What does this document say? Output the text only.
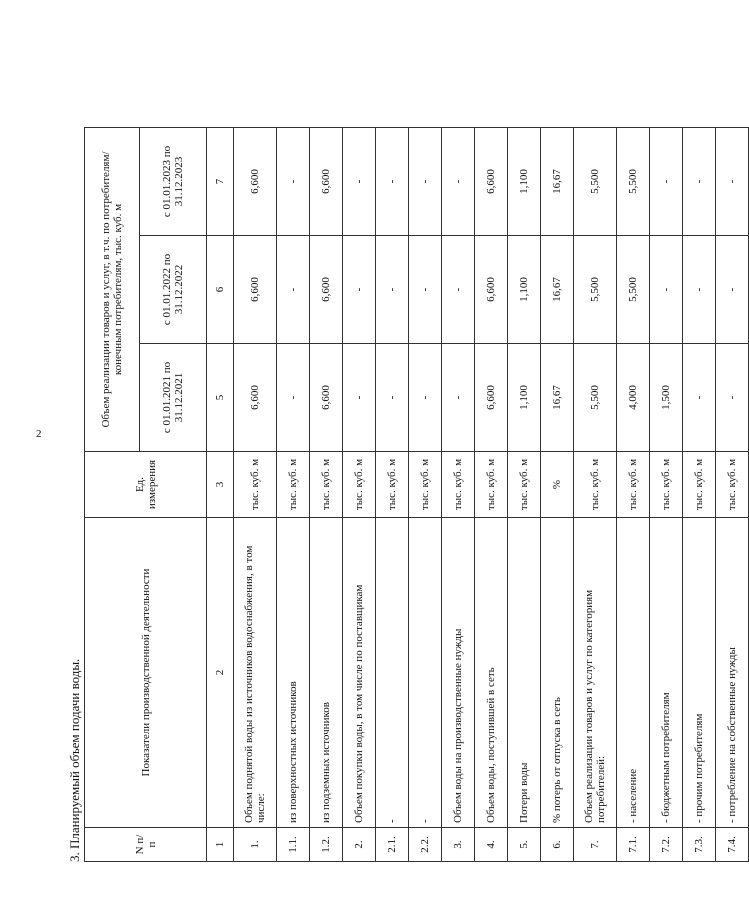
2
3. Планируемый объем подачи воды.	N п/п	Показатели производственной деятельности	Ед. измерения	Объем реализации товаров и услуг, в т.ч. по потребителям/ конечным потребителям, тыс. куб. м		
			с 01.01.2021 по 31.12.2021	с 01.01.2022 по 31.12.2022	с 01.01.2023 по 31.12.2023
1	2	3	5	6	7
1.	Объем поднятой воды из источников водоснабжения, в том числе:	тыс. куб. м	6,600	6,600	6,600
1.1.	из поверхностных источников	тыс. куб. м	-	-	-
1.2.	из подземных источников	тыс. куб. м	6,600	6,600	6,600
2.	Объем покупки воды, в том числе по поставщикам	тыс. куб. м	-	-	-
2.1.	-	тыс. куб. м	-	-	-
2.2.	-	тыс. куб. м	-	-	-
3.	Объем воды на производственные нужды	тыс. куб. м	-	-	-
4.	Объем воды, поступившей в сеть	тыс. куб. м	6,600	6,600	6,600
5.	Потери воды	тыс. куб. м	1,100	1,100	1,100
6.	% потерь от отпуска в сеть	%	16,67	16,67	16,67
7.	Объем реализации товаров и услуг по категориям потребителей:	тыс. куб. м	5,500	5,500	5,500
7.1.	- население	тыс. куб. м	4,000	5,500	5,500
7.2.	- бюджетным потребителям	тыс. куб. м	1,500	-	-
7.3.	- прочим потребителям	тыс. куб. м	-	-	-
7.4.	- потребление на собственные нужды	тыс. куб. м	-	-	-
